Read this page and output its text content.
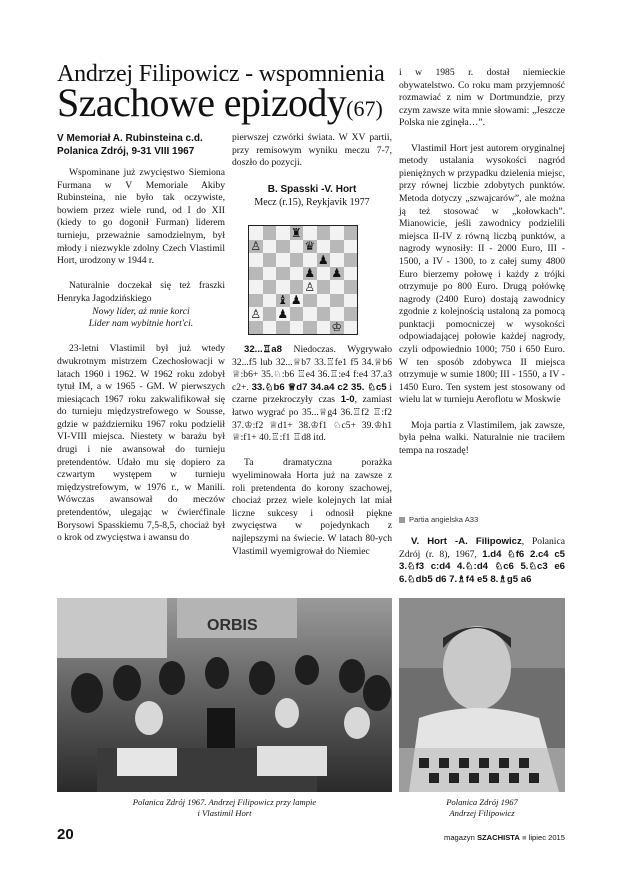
Andrzej Filipowicz - wspomnienia
Szachowe epizody(67)
V Memoriał A. Rubinsteina c.d.
Polanica Zdrój, 9-31 VIII 1967

Wspominane już zwycięstwo Siemiona Furmana w V Memoriale Akiby Rubinsteina, nie było tak oczywiste, bowiem przez wiele rund, od I do XII (kiedy to go dogonił Furman) liderem turnieju, przeważnie samodzielnym, był młody i niezwykle zdolny Czech Vlastimil Hort, urodzony w 1944 r.

Naturalnie doczekał się też fraszki Henryka Jagodzińskiego

Nowy lider, aż mnie korci

Lider nam wybitnie hort'ci.

23-letni Vlastimil był już wtedy dwukrotnym mistrzem Czechosłowacji w latach 1960 i 1962. W 1962 roku zdobył tytuł IM, a w 1965 - GM. W pierwszych miesiącach 1967 roku zakwalifikował się do turnieju międzystrefowego w Sousse, gdzie w październiku 1967 roku podzielił VI-VIII miejsca. Niestety w barażu był drugi i nie awansował do turnieju pretendentów. Udało mu się dopiero za czwartym występem w turnieju międzystrefowym, w 1976 r., w Manili. Wówczas awansował do meczów pretendentów, ulegając w ćwierćfinale Borysowi Spasskiemu 7,5-8,5, chociaż był o krok od zwycięstwa i awansu do

pierwszej czwórki świata. W XV partii, przy remisowym wyniku meczu 7-7, doszło do pozycji.

B. Spasski -V. Hort
Mecz (r.15), Reykjavik 1977
♜
♙	♛
♟
♟ ♟
♙
♝ ♟
♙ ♟
♔

32...♖a8 Niedoczas. Wygrywało 32...f5 lub 32...♕b7 33.♖fe1 f5 34.♕b6 ♕:b6+ 35.♘:b6 ♖e4 36.♖:e4 f:e4 37.a3 c2+. 33.♘b6 ♕d7 34.a4 c2 35. ♘c5 i czarne przekroczyły czas 1-0, zamiast łatwo wygrać po 35...♕g4 36.♖f2 ♖:f2 37.♔:f2 ♕d1+ 38.♔f1 ♘c5+ 39.♔h1 ♕:f1+ 40.♖:f1 ♖d8 itd.

Ta dramatyczna porażka wyeliminowała Horta już na zawsze z roli pretendenta do korony szachowej, chociaż przez wiele kolejnych lat miał liczne sukcesy i odnosił piękne zwycięstwa w pojedynkach z najlepszymi na świecie. W latach 80-ych Vlastimil wyemigrował do Niemiec

i w 1985 r. dostał niemieckie obywatelstwo. Co roku mam przyjemność rozmawiać z nim w Dortmundzie, przy czym zawsze wita mnie słowami: „Jeszcze Polska nie zginęła…”.

Vlastimil Hort jest autorem oryginalnej metody ustalania wysokości nagród pieniężnych w przypadku dzielenia miejsc, przy równej liczbie zdobytych punktów. Metoda dotyczy „szwajcarów”, ale można ją też stosować w „kołowkach”. Mianowicie, jeśli zawodnicy podzielili miejsca II-IV z równą liczbą punktów, a nagrody wynosiły: II - 2000 Euro, III - 1500, a IV - 1300, to z całej sumy 4800 Euro bierzemy połowę i każdy z trójki otrzymuje po 800 Euro. Drugą połówkę nagrody (2400 Euro) dostają zawodnicy zgodnie z kolejnością ustaloną za pomocą punktacji pomocniczej w wysokości odpowiadającej połowie każdej nagrody, czyli odpowiednio 1000; 750 i 650 Euro. W ten sposób zdobywca II miejsca otrzymuje w sumie 1800; III - 1550, a IV - 1450 Euro. Ten system jest stosowany od wielu lat w turnieju Aeroflotu w Moskwie

Moja partia z Vlastimilem, jak zawsze, była pełna walki. Naturalnie nie traciłem tempa na roszadę!

Partia angielska A33

V. Hort -A. Filipowicz, Polanica Zdrój (r. 8), 1967, 1.d4 ♘f6 2.c4 c5 3.♘f3 c:d4 4.♘:d4 ♘c6 5.♘c3 e6 6.♘db5 d6 7.♗f4 e5 8.♗g5 a6

ORBIS
Polanica Zdrój 1967. Andrzej Filipowicz przy lampie
i Vlastimil Hort
Polanica Zdrój 1967
Andrzej Filipowicz
20	magazyn SZACHISTA ■ lipiec 2015
